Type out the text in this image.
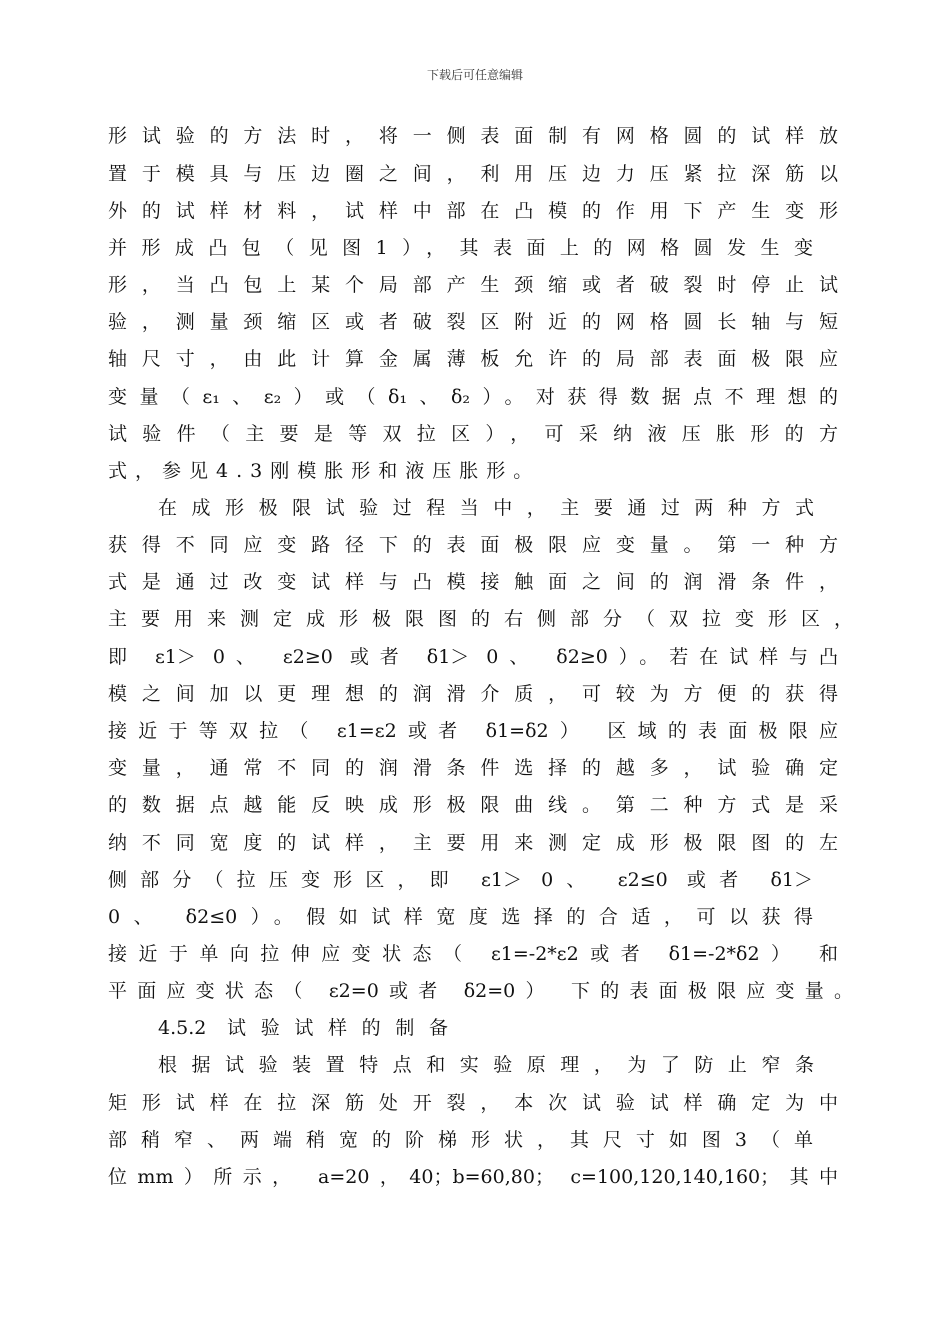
下载后可任意编辑
形试验的方法时，将一侧表面制有网格圆的试样放
置于模具与压边圈之间，利用压边力压紧拉深筋以
外的试样材料，试样中部在凸模的作用下产生变形
并形成凸包（见图1），其表面上的网格圆发生变
形，当凸包上某个局部产生颈缩或者破裂时停止试
验，测量颈缩区或者破裂区附近的网格圆长轴与短
轴尺寸，由此计算金属薄板允许的局部表面极限应
变量（ε₁、ε₂）或（δ₁、δ₂）。对获得数据点不理想的
试验件（主要是等双拉区），可采纳液压胀形的方
式，参见4.3刚模胀形和液压胀形。
在成形极限试验过程当中，主要通过两种方式
获得不同应变路径下的表面极限应变量。第一种方
式是通过改变试样与凸模接触面之间的润滑条件，
主要用来测定成形极限图的右侧部分（双拉变形区，
即 ε1＞ 0、 ε2≥0 或者 δ1＞ 0、 δ2≥0）。若在试样与凸
模之间加以更理想的润滑介质，可较为方便的获得
接近于等双拉（ ε1=ε2或者 δ1=δ2） 区域的表面极限应
变量，通常不同的润滑条件选择的越多，试验确定
的数据点越能反映成形极限曲线。第二种方式是采
纳不同宽度的试样，主要用来测定成形极限图的左
侧部分（拉压变形区，即 ε1＞ 0、 ε2≤0 或者 δ1＞
0、 δ2≤0）。假如试样宽度选择的合适，可以获得
接近于单向拉伸应变状态（ ε1=-2*ε2或者 δ1=-2*δ2） 和
平面应变状态（ ε2=0或者 δ2=0） 下的表面极限应变量。
4.5.2 试验试样的制备
根据试验装置特点和实验原理，为了防止窄条
矩形试样在拉深筋处开裂，本次试验试样确定为中
部稍窄、两端稍宽的阶梯形状，其尺寸如图3（单
位mm）所示， a=20，40；b=60,80； c=100,120,140,160；其中
